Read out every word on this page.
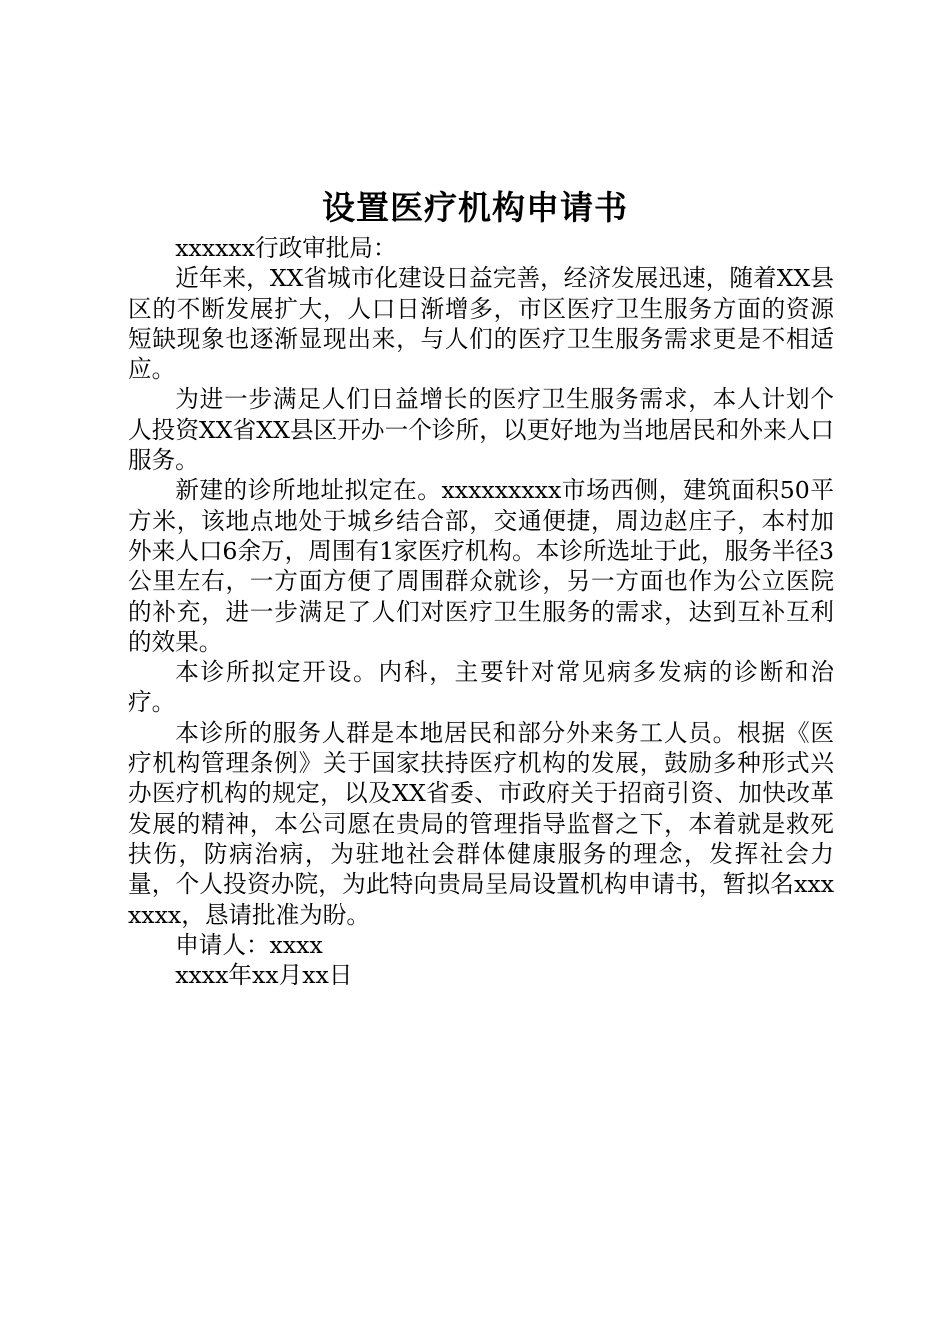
设置医疗机构申请书

xxxxxx行政审批局：

近年来，XX省城市化建设日益完善，经济发展迅速，随着XX县区的不断发展扩大，人口日渐增多，市区医疗卫生服务方面的资源短缺现象也逐渐显现出来，与人们的医疗卫生服务需求更是不相适应。

为进一步满足人们日益增长的医疗卫生服务需求，本人计划个人投资XX省XX县区开办一个诊所，以更好地为当地居民和外来人口服务。

新建的诊所地址拟定在。xxxxxxxxx市场西侧，建筑面积50平方米，该地点地处于城乡结合部，交通便捷，周边赵庄子，本村加外来人口6余万，周围有1家医疗机构。本诊所选址于此，服务半径3公里左右，一方面方便了周围群众就诊，另一方面也作为公立医院的补充，进一步满足了人们对医疗卫生服务的需求，达到互补互利的效果。

本诊所拟定开设。内科，主要针对常见病多发病的诊断和治疗。

本诊所的服务人群是本地居民和部分外来务工人员。根据《医疗机构管理条例》关于国家扶持医疗机构的发展，鼓励多种形式兴办医疗机构的规定，以及XX省委、市政府关于招商引资、加快改革发展的精神，本公司愿在贵局的管理指导监督之下，本着就是救死扶伤，防病治病，为驻地社会群体健康服务的理念，发挥社会力量，个人投资办院，为此特向贵局呈局设置机构申请书，暂拟名xxxxxxx，恳请批准为盼。

申请人：xxxx

xxxx年xx月xx日
